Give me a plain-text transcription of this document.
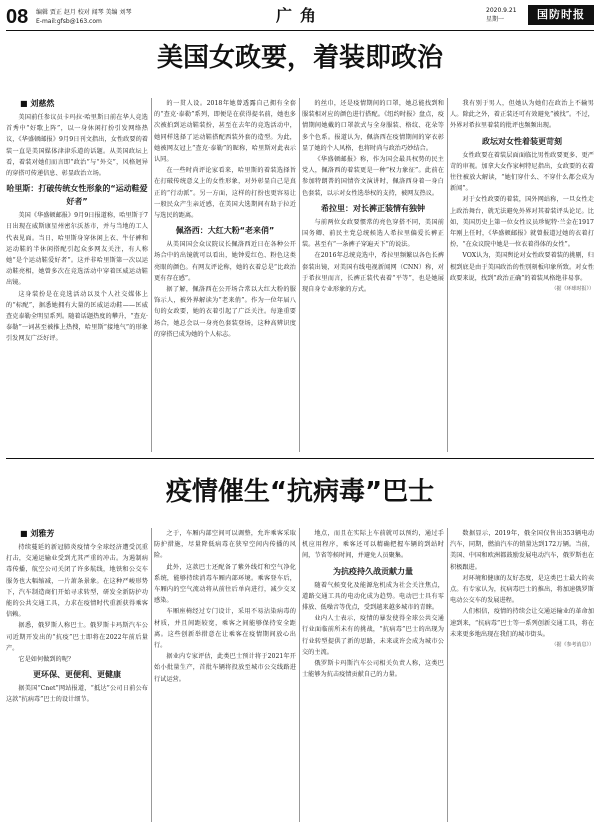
08 编辑 贾正 赵月 校对 闻琴 美编 刘琴
E-mail:gfsb@163.com	广角	2020.9.21
星期一	国防时报
美国女政要，着装即政治
■ 刘慈然

美国前任参议员卡玛拉·哈里斯日前在华人竞选首秀中“好歌上阵”，以一身休闲打扮引发网络热议，《华盛顿邮报》9月9日刊文指出，女性政要的着装一直是美国媒体津津乐道的话题。从美国政坛上看，着装对她们而言即“政治”与“外交”，风格迥异的穿搭可传递信息、彰显政治立场。

哈里斯：打破传统女性形象的“运动鞋爱好者”

美国《华盛顿邮报》9月9日报道称，哈里斯于7日出现在威斯康星州密尔沃基市，并与当地的工人代表见面。当日，哈里斯身穿休闲上衣、牛仔裤和运动鞋的半休闲搭配引起众多网友关注，有人称她“是个运动鞋爱好者”。这并非哈里斯第一次以运动鞋亮相，她曾多次在竞选活动中穿着匡威运动鞋出镜。

这身装扮是在竞选活动以及个人社交媒体上的“标配”，据悉她拥有大量的匡威运动鞋——匡威查克泰勒全明星系列。随着话题热度的攀升，“查克·泰勒”一词甚至被推上热搜，哈里斯“接地气”的形象引发网友广泛好评。

的一贯人设。2018年她曾透露自己拥有全套的“查克·泰勒”系列，即便是在获得提名前，她也多次被拍到运动鞋装扮，甚至在去年的竞选活动中，她同样选择了运动鞋搭配西装外套的造型。为此，她被网友冠上“查克·泰勒”的昵称，哈里斯对此表示认同。

在一些时尚评论家看来，哈里斯的着装选择旨在打破传统意义上的女性形象，对外彰显自己是真正的“行动派”。另一方面，这样的打扮也更容易让一般民众产生亲近感，在美国大选期间有助于拉近与选民的距离。

佩洛西：大红大粉“老来俏”

从美国国会众议院议长佩洛西近日在各种公开场合中的出镜就可以看出，她钟爱红色、粉色这类亮眼的颜色。有网友评论称，她的衣着总是“比政治更有存在感”。

据了解，佩洛西在公开场合常以大红大粉的服饰示人，被外界解读为“老来俏”。作为一位年届八旬的女政要，她的衣着引起了广泛关注。每逢重要场合，她总会以一身亮色套装登场，这种高辨识度的穿搭已成为她的个人标志。

的丝巾，还是疫情期间的口罩，她总能找到和服装相对应的颜色进行搭配。《纽约时报》盘点，疫情期间她戴的口罩款式与全身服装、格纹、花朵等多个色系。报道认为，佩洛西在疫情期间的穿衣彰显了她的个人风格，也将时尚与政治巧妙结合。

《华盛顿邮报》称，作为国会最具权势的民主党人，佩洛西的着装更是一种“权力象征”。此前在参加特朗普的国情咨文演讲时，佩洛西身着一身白色套装，以示对女性选举权的支持，被网友热议。

希拉里：对长裤正装情有独钟

与前两位女政要惯常的亮色穿搭不同，美国前国务卿、前民主党总统候选人希拉里偏爱长裤正装。甚至有“一条裤子穿遍天下”的说法。

在2016年总统竞选中，希拉里频繁以各色长裤套装出镜，对美国有线电视新闻网（CNN）称，对于希拉里而言，长裤正装代表着“平等”，也是她展现自身专业形象的方式。

我有别于男人，但她认为她们在政治上不输男人。除此之外，着正装还可有效避免“被找”。不过，外界对希拉里着装的批评也频频出现。

政坛对女性着装更苛刻

女性政要在着装层面面临比男性政要更多、更严苛的审视。加拿大女作家柯特尼指出，女政要的衣着往往被放大解读，“她们穿什么、不穿什么都会成为新闻”。

对于女性政要的着装，国外网站称，一旦女性走上政治舞台，就无法避免外界对其着装评头论足。比如，美国历史上第一位女性议员珍妮特·兰金在1917年刚上任时，《华盛顿邮报》就曾报道过她的衣着打扮，“在众议院中她是一位衣着得体的女性”。

VOX认为，美国舆论对女性政要着装的挑剔，归根到底是由于美国政治的性别刻板印象所致。对女性政要来说，找到“政治正确”的着装风格绝非易事。

（据《环球时报》）

疫情催生“抗病毒”巴士
■ 刘雅芳

持续蔓延的新冠肺炎疫情令全球经济遭受沉重打击，交通运输业受到尤其严重的冲击。为遏制病毒传播，航空公司关闭了许多航线，地铁和公交车服务也大幅缩减，一片萧条景象。在这种严峻形势下，汽车制造商们开始寻求转型，研发全新防护功能的公共交通工具，力求在疫情时代重新获得乘客信赖。

据悉，俄罗斯人称巴士。俄罗斯卡玛斯汽车公司近期开发出的“抗疫”巴士即将在2022年前后量产。

它是如何做到的呢？

更环保、更便利、更健康

据美国“Cnet”网站报道，“抵达”公司日前公布这款“抗病毒”巴士的设计细节。

之于，车厢内部空间可以调整，允许乘客采取防护措施，尽量降低病毒在狭窄空间内传播的风险。

此外，这款巴士还配备了紫外线灯和空气净化系统，能够持续消毒车厢内部环境。乘客登车后，车厢内的空气流动将从前往后单向进行，减少交叉感染。

车厢座椅经过专门设计，采用不易沾染病毒的材质，并且间距较宽，乘客之间能够保持安全距离。这些创新举措意在让乘客在疫情期间放心出行。

据业内专家评估，此类巴士预计将于2021年开始小批量生产，首批车辆将投放至城市公交线路进行试运营。

地点，而且在实际上车前就可以预约，通过手机应用程序，乘客还可以精确把握车辆的到站时间，节省等候时间，并避免人员聚集。

为抗疫持久战贡献力量

随着气候变化及能源危机成为社会关注焦点，道路交通工具的电动化成为趋势。电动巴士具有零排放、低噪音等优点，受到越来越多城市的青睐。

业内人士表示，疫情的暴发使得全球公共交通行业面临前所未有的挑战，“抗病毒”巴士的出现为行业转型提供了新的思路，未来或许会成为城市公交的主流。

俄罗斯卡玛斯汽车公司相关负责人称，这类巴士能够为抗击疫情贡献自己的力量。

数据显示，2019年，俄全国仅售出353辆电动汽车，同期，燃油汽车的销量达到172万辆。当前，美国、中国和欧洲都鼓励发展电动汽车，俄罗斯也在积极跟进。

对环境和健康的友好态度，是这类巴士最大的卖点。有专家认为，抗病毒巴士的推出，将加速俄罗斯电动公交车的发展进程。

人们相信，疫情的持续会让交通运输业的革命加速到来，“抗病毒”巴士等一系列创新交通工具，将在未来更多地出现在我们的城市街头。

（据《参考消息》）
